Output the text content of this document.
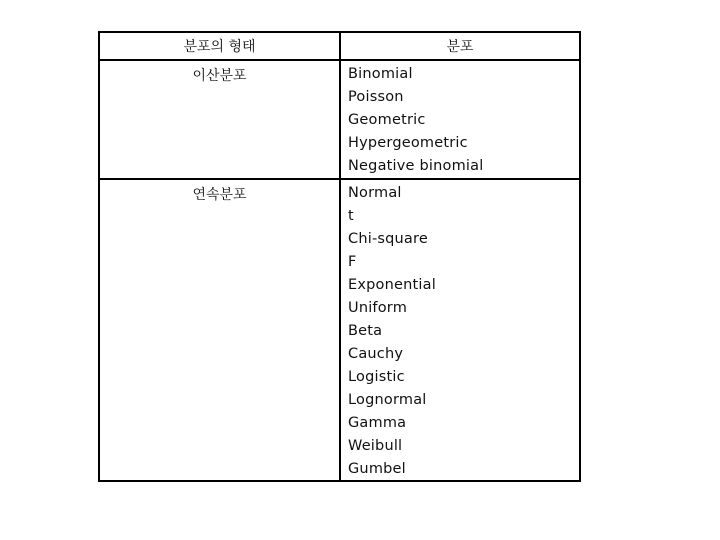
분포의 형태	분포
이산분포	Binomial
Poisson
Geometric
Hypergeometric
Negative binomial
연속분포	Normal
t
Chi-square
F
Exponential
Uniform
Beta
Cauchy
Logistic
Lognormal
Gamma
Weibull
Gumbel
